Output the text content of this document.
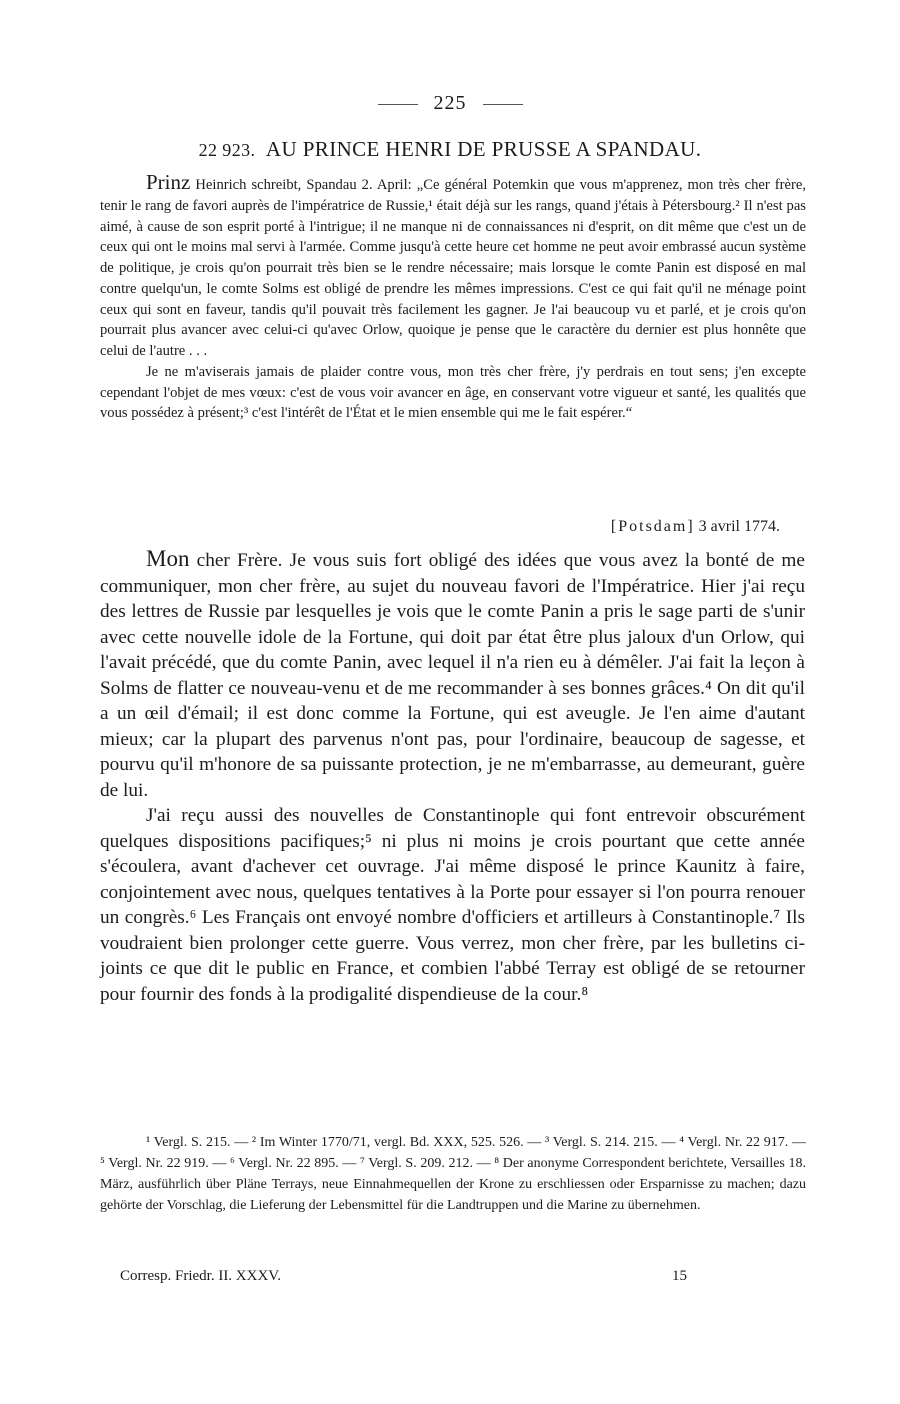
225
22 923. AU PRINCE HENRI DE PRUSSE A SPANDAU.

Prinz Heinrich schreibt, Spandau 2. April: „Ce général Potemkin que vous m'apprenez, mon très cher frère, tenir le rang de favori auprès de l'impératrice de Russie,¹ était déjà sur les rangs, quand j'étais à Pétersbourg.² Il n'est pas aimé, à cause de son esprit porté à l'intrigue; il ne manque ni de connaissances ni d'esprit, on dit même que c'est un de ceux qui ont le moins mal servi à l'armée. Comme jusqu'à cette heure cet homme ne peut avoir embrassé aucun système de politique, je crois qu'on pourrait très bien se le rendre nécessaire; mais lorsque le comte Panin est disposé en mal contre quelqu'un, le comte Solms est obligé de prendre les mêmes impressions. C'est ce qui fait qu'il ne ménage point ceux qui sont en faveur, tandis qu'il pouvait très facilement les gagner. Je l'ai beaucoup vu et parlé, et je crois qu'on pourrait plus avancer avec celui-ci qu'avec Orlow, quoique je pense que le caractère du dernier est plus honnête que celui de l'autre . . .

Je ne m'aviserais jamais de plaider contre vous, mon très cher frère, j'y perdrais en tout sens; j'en excepte cependant l'objet de mes vœux: c'est de vous voir avancer en âge, en conservant votre vigueur et santé, les qualités que vous possédez à présent;³ c'est l'intérêt de l'État et le mien ensemble qui me le fait espérer.“

[Potsdam] 3 avril 1774.

Mon cher Frère. Je vous suis fort obligé des idées que vous avez la bonté de me communiquer, mon cher frère, au sujet du nouveau favori de l'Impératrice. Hier j'ai reçu des lettres de Russie par lesquelles je vois que le comte Panin a pris le sage parti de s'unir avec cette nouvelle idole de la Fortune, qui doit par état être plus jaloux d'un Orlow, qui l'avait précédé, que du comte Panin, avec lequel il n'a rien eu à démêler. J'ai fait la leçon à Solms de flatter ce nouveau-venu et de me recommander à ses bonnes grâces.⁴ On dit qu'il a un œil d'émail; il est donc comme la Fortune, qui est aveugle. Je l'en aime d'autant mieux; car la plupart des parvenus n'ont pas, pour l'ordinaire, beaucoup de sagesse, et pourvu qu'il m'honore de sa puissante protection, je ne m'embarrasse, au demeurant, guère de lui.

J'ai reçu aussi des nouvelles de Constantinople qui font entrevoir obscurément quelques dispositions pacifiques;⁵ ni plus ni moins je crois pourtant que cette année s'écoulera, avant d'achever cet ouvrage. J'ai même disposé le prince Kaunitz à faire, conjointement avec nous, quelques tentatives à la Porte pour essayer si l'on pourra renouer un congrès.⁶ Les Français ont envoyé nombre d'officiers et artilleurs à Constantinople.⁷ Ils voudraient bien prolonger cette guerre. Vous verrez, mon cher frère, par les bulletins ci-joints ce que dit le public en France, et combien l'abbé Terray est obligé de se retourner pour fournir des fonds à la prodigalité dispendieuse de la cour.⁸

¹ Vergl. S. 215. — ² Im Winter 1770/71, vergl. Bd. XXX, 525. 526. — ³ Vergl. S. 214. 215. — ⁴ Vergl. Nr. 22 917. — ⁵ Vergl. Nr. 22 919. — ⁶ Vergl. Nr. 22 895. — ⁷ Vergl. S. 209. 212. — ⁸ Der anonyme Correspondent berichtete, Versailles 18. März, ausführlich über Pläne Terrays, neue Einnahmequellen der Krone zu erschliessen oder Ersparnisse zu machen; dazu gehörte der Vorschlag, die Lieferung der Lebensmittel für die Landtruppen und die Marine zu übernehmen.

Corresp. Friedr. II. XXXV.	15
